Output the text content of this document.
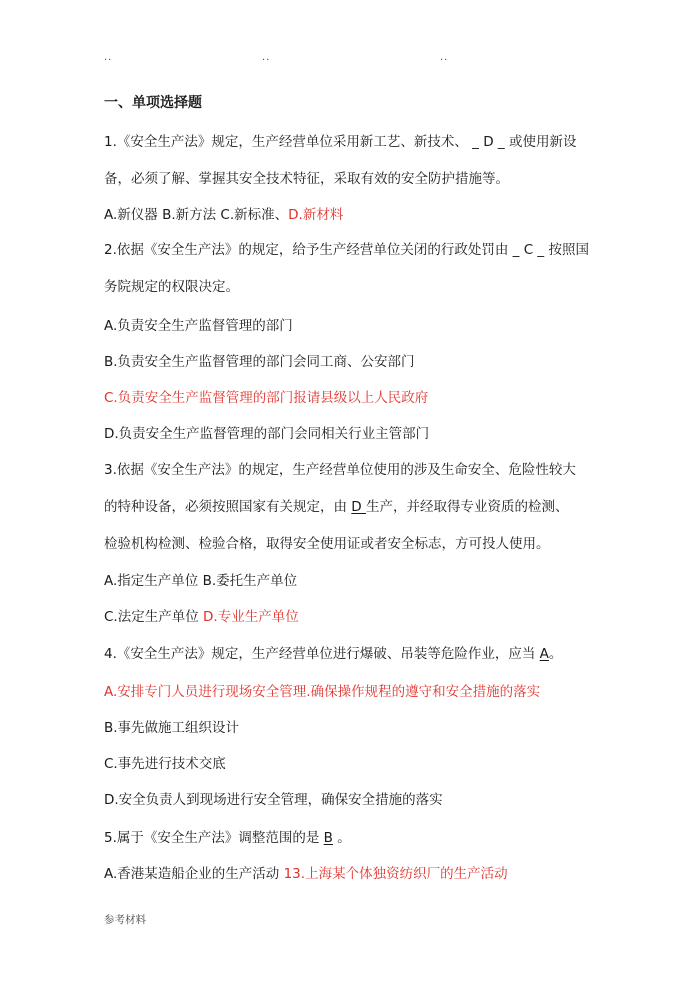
..	..	..
一、单项选择题
1.《安全生产法》规定，生产经营单位采用新工艺、新技术、 _ D _ 或使用新设
备，必须了解、掌握其安全技术特征，采取有效的安全防护措施等。
A.新仪器 B.新方法 C.新标准、D.新材料
2.依据《安全生产法》的规定，给予生产经营单位关闭的行政处罚由 _ C _ 按照国
务院规定的权限决定。
A.负责安全生产监督管理的部门
B.负责安全生产监督管理的部门会同工商、公安部门
C.负责安全生产监督管理的部门报请县级以上人民政府
D.负责安全生产监督管理的部门会同相关行业主管部门
3.依据《安全生产法》的规定，生产经营单位使用的涉及生命安全、危险性较大
的特种设备，必须按照国家有关规定，由 D 生产，并经取得专业资质的检测、
检验机构检测、检验合格，取得安全使用证或者安全标志，方可投人使用。
A.指定生产单位 B.委托生产单位
C.法定生产单位 D.专业生产单位
4.《安全生产法》规定，生产经营单位进行爆破、吊装等危险作业，应当 A。
A.安排专门人员进行现场安全管理.确保操作规程的遵守和安全措施的落实
B.事先做施工组织设计
C.事先进行技术交底
D.安全负责人到现场进行安全管理，确保安全措施的落实
5.属于《安全生产法》调整范围的是 B 。
A.香港某造船企业的生产活动 13.上海某个体独资纺织厂的生产活动
参考材料
